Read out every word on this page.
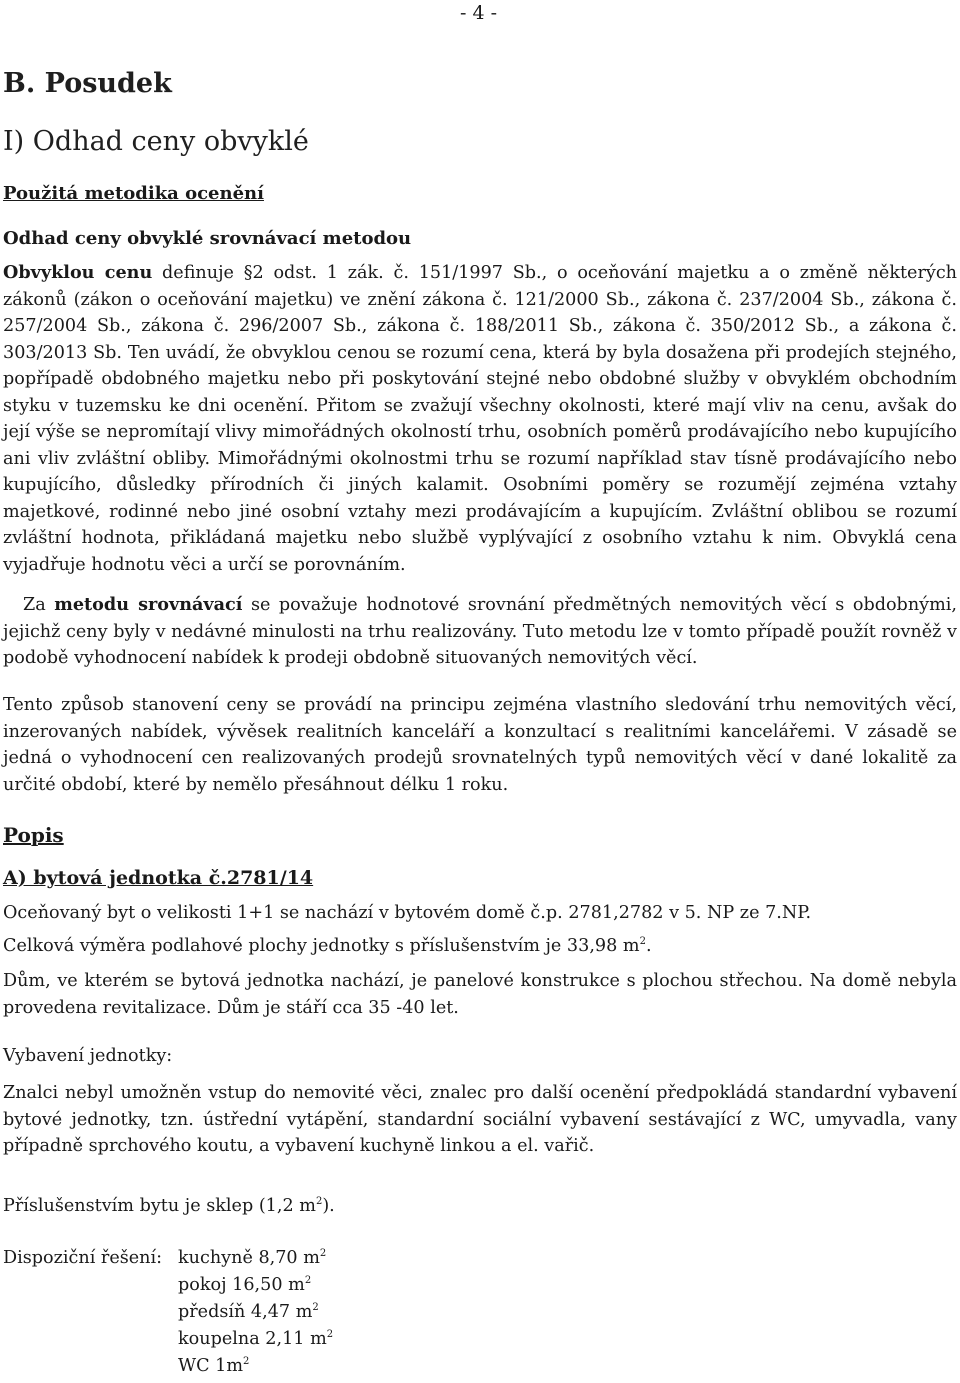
- 4 -
B. Posudek
I) Odhad ceny obvyklé
Použitá metodika ocenění
Odhad ceny obvyklé srovnávací metodou

Obvyklou cenu definuje §2 odst. 1 zák. č. 151/1997 Sb., o oceňování majetku a o změně některých zákonů (zákon o oceňování majetku) ve znění zákona č. 121/2000 Sb., zákona č. 237/2004 Sb., zákona č. 257/2004 Sb., zákona č. 296/2007 Sb., zákona č. 188/2011 Sb., zákona č. 350/2012 Sb., a zákona č. 303/2013 Sb. Ten uvádí, že obvyklou cenou se rozumí cena, která by byla dosažena při prodejích stejného, popřípadě obdobného majetku nebo při poskytování stejné nebo obdobné služby v obvyklém obchodním styku v tuzemsku ke dni ocenění. Přitom se zvažují všechny okolnosti, které mají vliv na cenu, avšak do její výše se nepromítají vlivy mimořádných okolností trhu, osobních poměrů prodávajícího nebo kupujícího ani vliv zvláštní obliby. Mimořádnými okolnostmi trhu se rozumí například stav tísně prodávajícího nebo kupujícího, důsledky přírodních či jiných kalamit. Osobními poměry se rozumějí zejména vztahy majetkové, rodinné nebo jiné osobní vztahy mezi prodávajícím a kupujícím. Zvláštní oblibou se rozumí zvláštní hodnota, přikládaná majetku nebo službě vyplývající z osobního vztahu k nim. Obvyklá cena vyjadřuje hodnotu věci a určí se porovnáním.

Za metodu srovnávací se považuje hodnotové srovnání předmětných nemovitých věcí s obdobnými, jejichž ceny byly v nedávné minulosti na trhu realizovány. Tuto metodu lze v tomto případě použít rovněž v podobě vyhodnocení nabídek k prodeji obdobně situovaných nemovitých věcí.

Tento způsob stanovení ceny se provádí na principu zejména vlastního sledování trhu nemovitých věcí, inzerovaných nabídek, vývěsek realitních kanceláří a konzultací s realitními kancelářemi. V zásadě se jedná o vyhodnocení cen realizovaných prodejů srovnatelných typů nemovitých věcí v dané lokalitě za určité období, které by nemělo přesáhnout délku 1 roku.

Popis
A) bytová jednotka č.2781/14
Oceňovaný byt o velikosti 1+1 se nachází v bytovém domě č.p. 2781,2782 v 5. NP ze 7.NP.
Celková výměra podlahové plochy jednotky s příslušenstvím je 33,98 $m^2$.

Dům, ve kterém se bytová jednotka nachází, je panelové konstrukce s plochou střechou. Na domě nebyla provedena revitalizace. Dům je stáří cca 35 -40 let.

Vybavení jednotky:

Znalci nebyl umožněn vstup do nemovité věci, znalec pro další ocenění předpokládá standardní vybavení bytové jednotky, tzn. ústřední vytápění, standardní sociální vybavení sestávající z WC, umyvadla, vany případně sprchového koutu, a vybavení kuchyně linkou a el. vařič.

Příslušenstvím bytu je sklep (1,2 $m^2$).
Dispoziční řešení: kuchyně 8,70 $m^2$
pokoj 16,50 $m^2$
předsíň 4,47 $m^2$
koupelna 2,11 $m^2$
WC $1m^2$
